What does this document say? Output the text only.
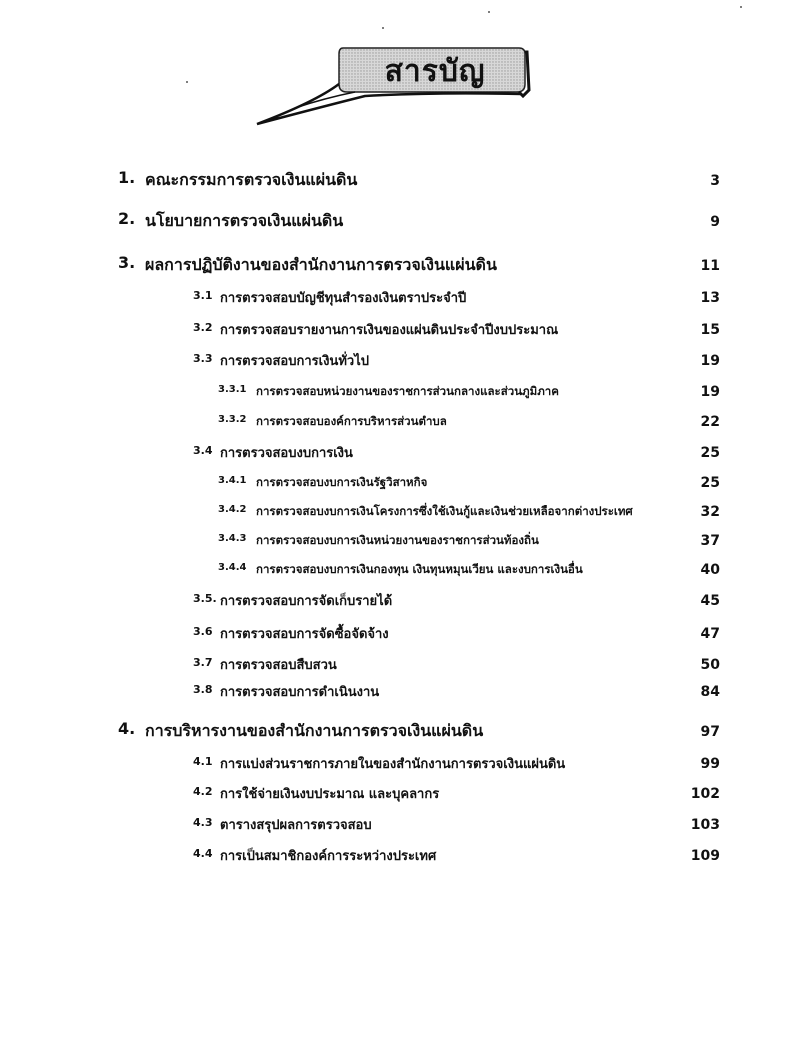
สารบัญ
1. คณะกรรมการตรวจเงินแผ่นดิน	3
2. นโยบายการตรวจเงินแผ่นดิน	9
3. ผลการปฏิบัติงานของสำนักงานการตรวจเงินแผ่นดิน	11
3.1 การตรวจสอบบัญชีทุนสำรองเงินตราประจำปี	13
3.2 การตรวจสอบรายงานการเงินของแผ่นดินประจำปีงบประมาณ	15
3.3 การตรวจสอบการเงินทั่วไป	19
3.3.1 การตรวจสอบหน่วยงานของราชการส่วนกลางและส่วนภูมิภาค	19
3.3.2 การตรวจสอบองค์การบริหารส่วนตำบล	22
3.4 การตรวจสอบงบการเงิน	25
3.4.1 การตรวจสอบงบการเงินรัฐวิสาหกิจ	25
3.4.2 การตรวจสอบงบการเงินโครงการซึ่งใช้เงินกู้และเงินช่วยเหลือจากต่างประเทศ	32
3.4.3 การตรวจสอบงบการเงินหน่วยงานของราชการส่วนท้องถิ่น	37
3.4.4 การตรวจสอบงบการเงินกองทุน เงินทุนหมุนเวียน และงบการเงินอื่น	40
3.5. การตรวจสอบการจัดเก็บรายได้	45
3.6 การตรวจสอบการจัดซื้อจัดจ้าง	47
3.7 การตรวจสอบสืบสวน	50
3.8 การตรวจสอบการดำเนินงาน	84
4. การบริหารงานของสำนักงานการตรวจเงินแผ่นดิน	97
4.1 การแบ่งส่วนราชการภายในของสำนักงานการตรวจเงินแผ่นดิน	99
4.2 การใช้จ่ายเงินงบประมาณ และบุคลากร	102
4.3 ตารางสรุปผลการตรวจสอบ	103
4.4 การเป็นสมาชิกองค์การระหว่างประเทศ	109
